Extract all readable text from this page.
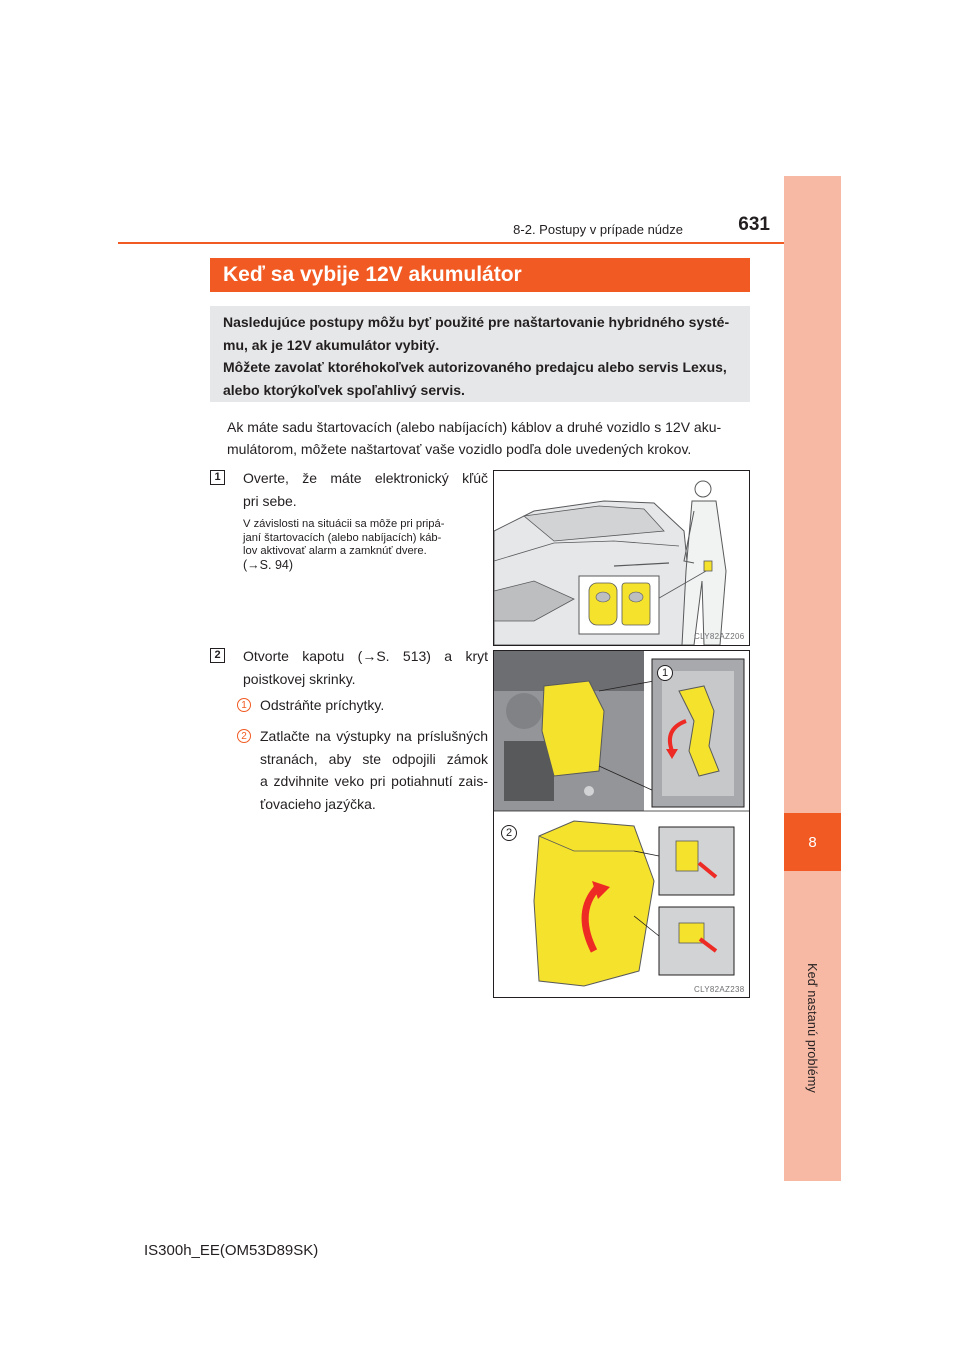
8
Keď nastanú problémy
8-2. Postupy v prípade núdze	631
Keď sa vybije 12V akumulátor
Nasledujúce postupy môžu byť použité pre naštartovanie hybridného systé-
mu, ak je 12V akumulátor vybitý.
Môžete zavolať ktoréhokoľvek autorizovaného predajcu alebo servis Lexus,
alebo ktorýkoľvek spoľahlivý servis.
Ak máte sadu štartovacích (alebo nabíjacích) káblov a druhé vozidlo s 12V aku-
mulátorom, môžete naštartovať vaše vozidlo podľa dole uvedených krokov.
1	Overte, že máte elektronický kľúč
pri sebe.
V závislosti na situácii sa môže pri pripá-
janí štartovacích (alebo nabíjacích) káb-
lov aktivovať alarm a zamknúť dvere.
(→S. 94)
CLY82AZ206
2	Otvorte kapotu (→S. 513) a kryt
poistkovej skrinky.
1 Odstráňte príchytky.
2 Zatlačte na výstupky na príslušných
stranách, aby ste odpojili zámok
a zdvihnite veko pri potiahnutí zais-
ťovacieho jazýčka.
1
2
CLY82AZ238
IS300h_EE(OM53D89SK)
